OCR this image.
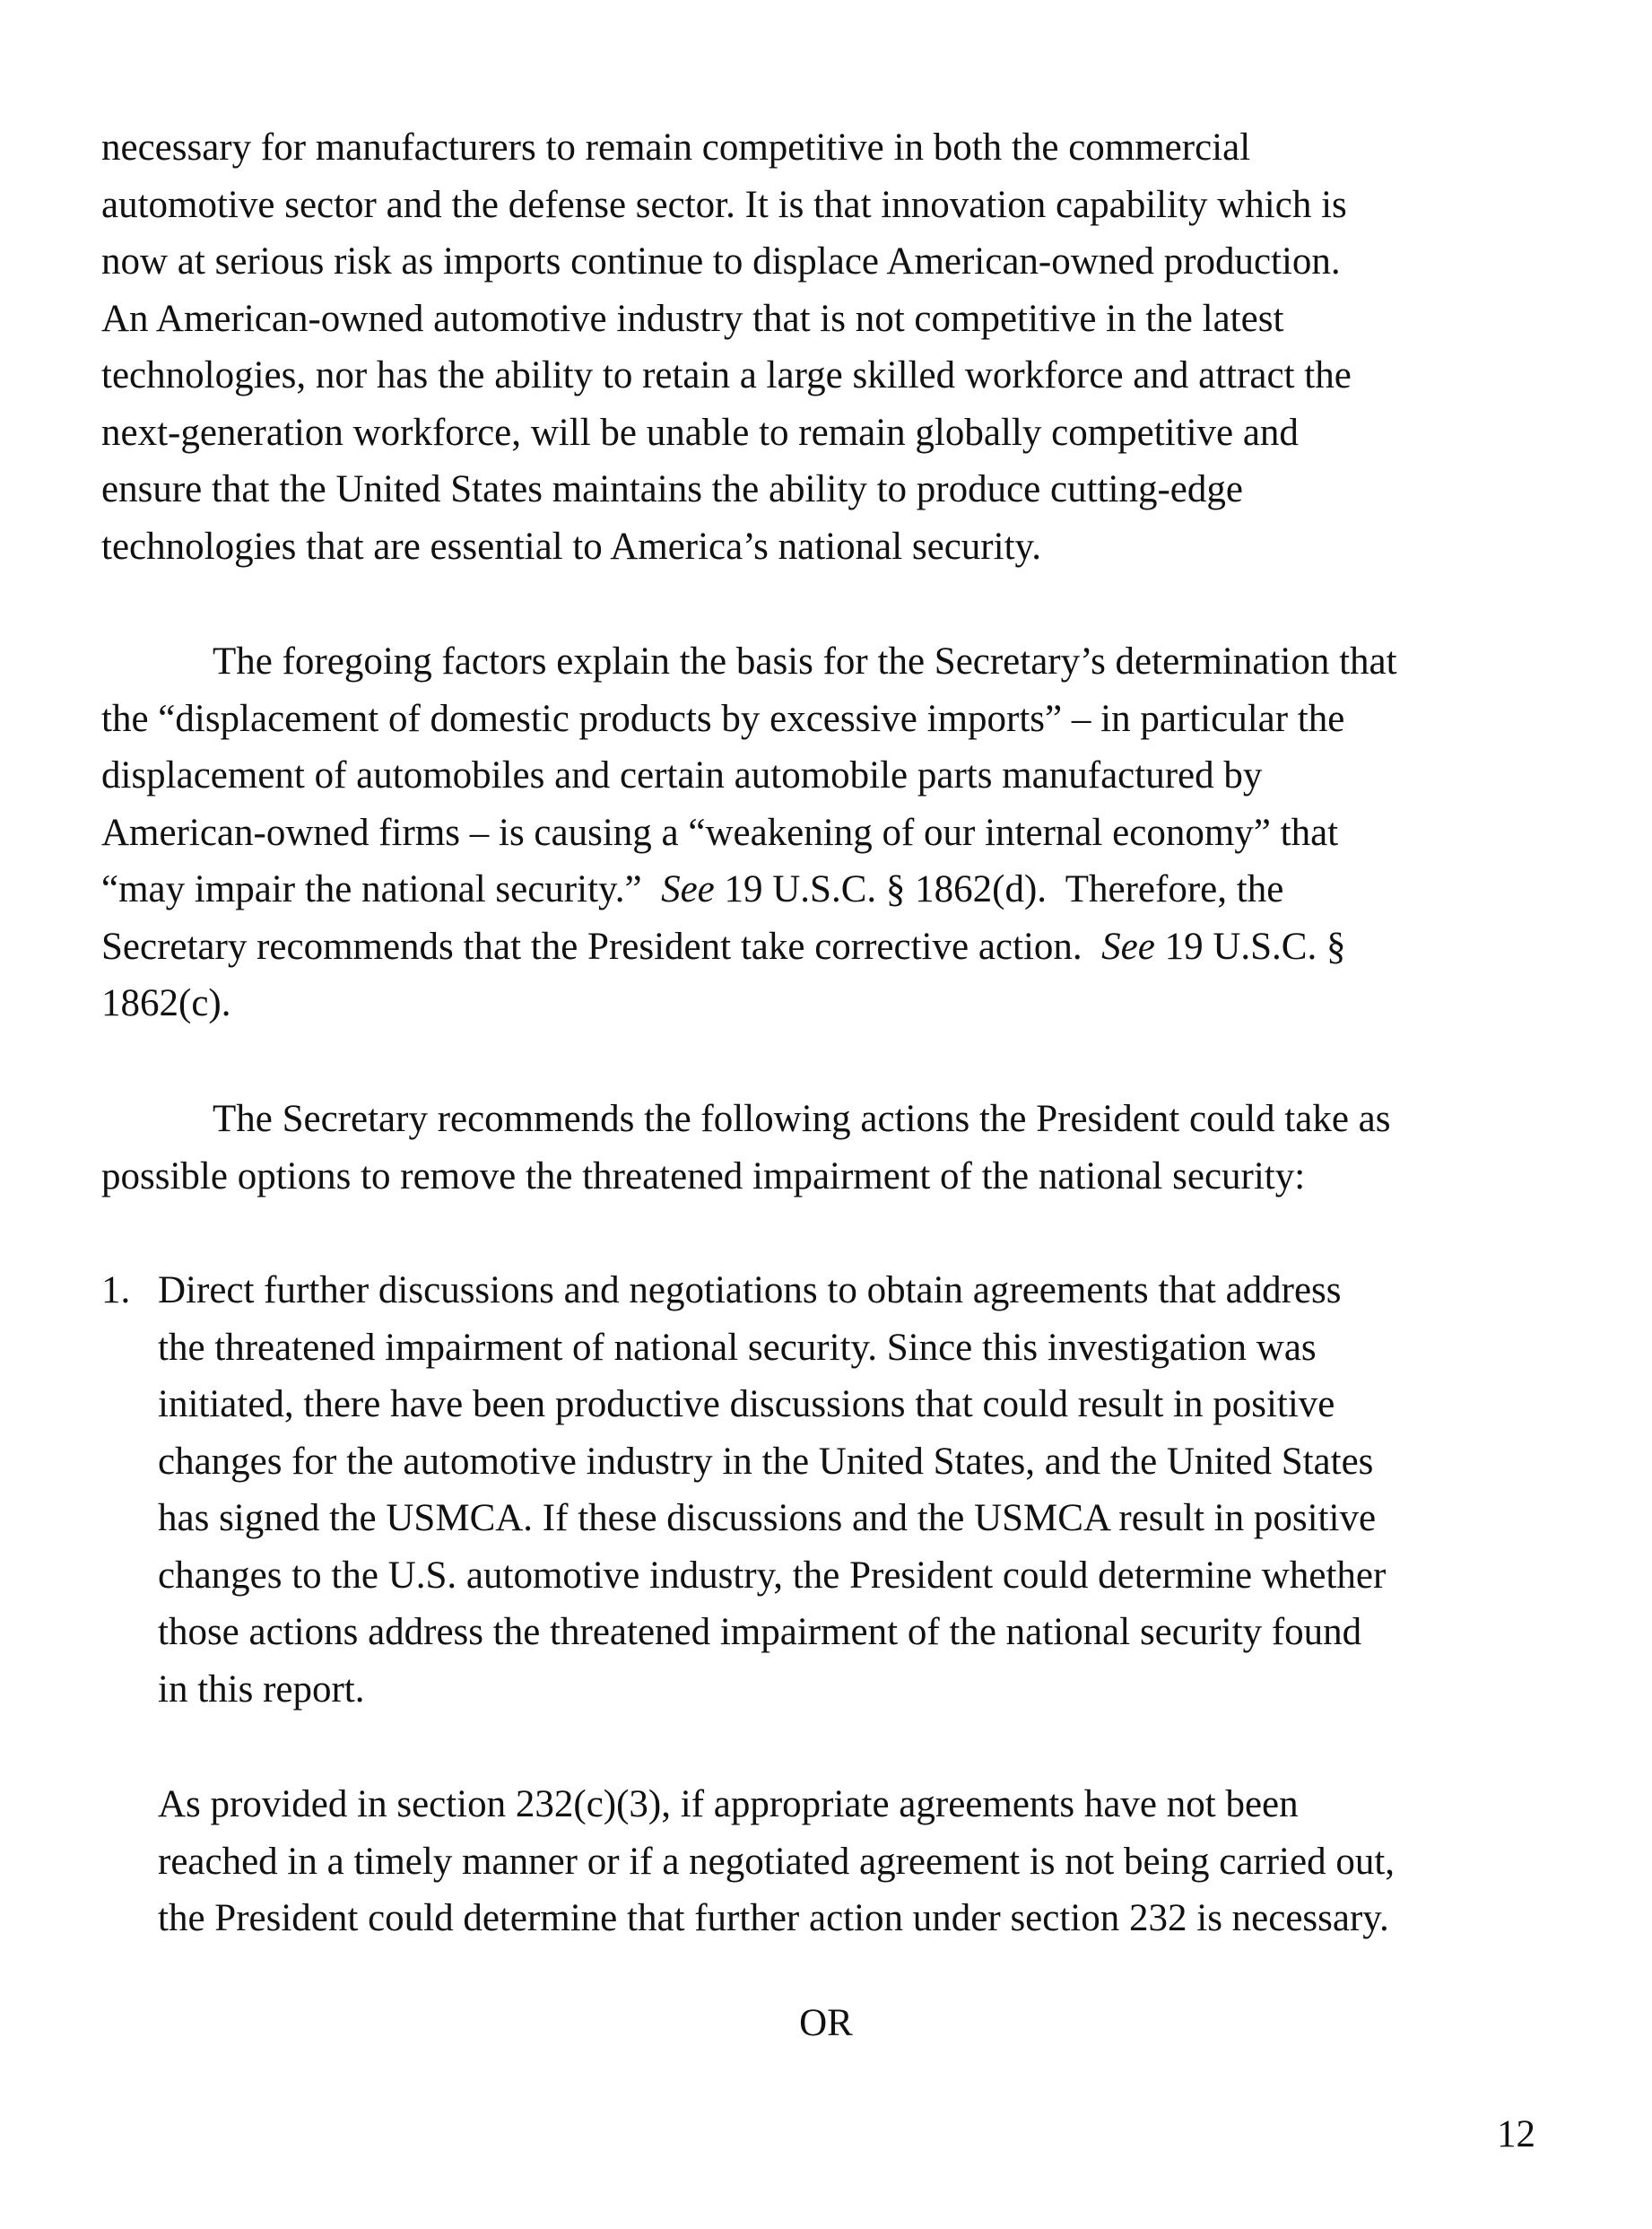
necessary for manufacturers to remain competitive in both the commercial
automotive sector and the defense sector. It is that innovation capability which is
now at serious risk as imports continue to displace American-owned production.
An American-owned automotive industry that is not competitive in the latest
technologies, nor has the ability to retain a large skilled workforce and attract the
next-generation workforce, will be unable to remain globally competitive and
ensure that the United States maintains the ability to produce cutting-edge
technologies that are essential to America’s national security.
The foregoing factors explain the basis for the Secretary’s determination that
the “displacement of domestic products by excessive imports” – in particular the
displacement of automobiles and certain automobile parts manufactured by
American-owned firms – is causing a “weakening of our internal economy” that
“may impair the national security.”  See 19 U.S.C. § 1862(d).  Therefore, the
Secretary recommends that the President take corrective action.  See 19 U.S.C. §
1862(c).
The Secretary recommends the following actions the President could take as
possible options to remove the threatened impairment of the national security:
1. Direct further discussions and negotiations to obtain agreements that address
the threatened impairment of national security. Since this investigation was
initiated, there have been productive discussions that could result in positive
changes for the automotive industry in the United States, and the United States
has signed the USMCA. If these discussions and the USMCA result in positive
changes to the U.S. automotive industry, the President could determine whether
those actions address the threatened impairment of the national security found
in this report.
As provided in section 232(c)(3), if appropriate agreements have not been
reached in a timely manner or if a negotiated agreement is not being carried out,
the President could determine that further action under section 232 is necessary.
OR
12
